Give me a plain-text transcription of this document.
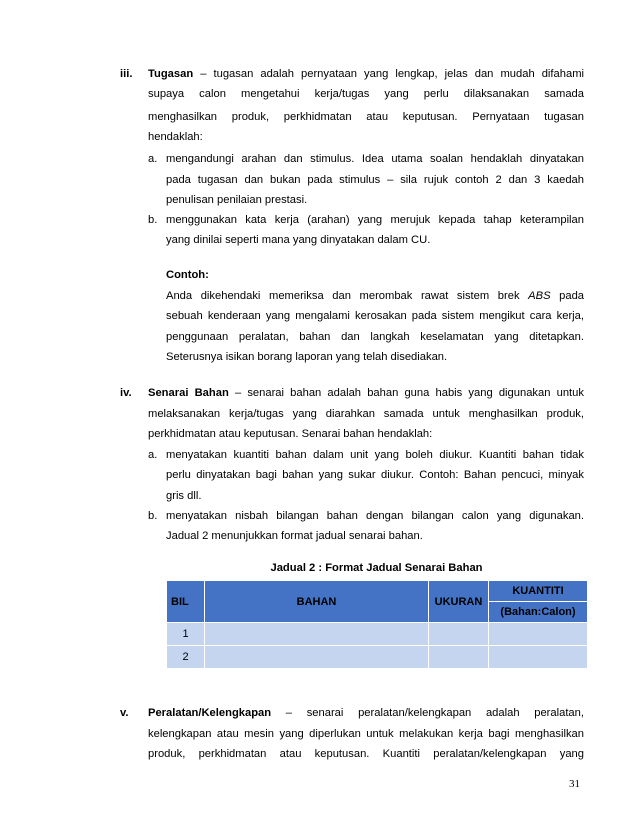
iii. Tugasan – tugasan adalah pernyataan yang lengkap, jelas dan mudah difahami
supaya calon mengetahui kerja/tugas yang perlu dilaksanakan samada
menghasilkan produk, perkhidmatan atau keputusan. Pernyataan tugasan
hendaklah:
a. mengandungi arahan dan stimulus. Idea utama soalan hendaklah dinyatakan
pada tugasan dan bukan pada stimulus – sila rujuk contoh 2 dan 3 kaedah
penulisan penilaian prestasi.
b. menggunakan kata kerja (arahan) yang merujuk kepada tahap keterampilan
yang dinilai seperti mana yang dinyatakan dalam CU.
Contoh:
Anda dikehendaki memeriksa dan merombak rawat sistem brek ABS pada
sebuah kenderaan yang mengalami kerosakan pada sistem mengikut cara kerja,
penggunaan peralatan, bahan dan langkah keselamatan yang ditetapkan.
Seterusnya isikan borang laporan yang telah disediakan.
iv. Senarai Bahan – senarai bahan adalah bahan guna habis yang digunakan untuk
melaksanakan kerja/tugas yang diarahkan samada untuk menghasilkan produk,
perkhidmatan atau keputusan. Senarai bahan hendaklah:
a. menyatakan kuantiti bahan dalam unit yang boleh diukur. Kuantiti bahan tidak
perlu dinyatakan bagi bahan yang sukar diukur. Contoh: Bahan pencuci, minyak
gris dll.
b. menyatakan nisbah bilangan bahan dengan bilangan calon yang digunakan.
Jadual 2 menunjukkan format jadual senarai bahan.
Jadual 2 : Format Jadual Senarai Bahan
BIL	BAHAN	UKURAN	KUANTITI
			(Bahan:Calon)
1			
2			
v. Peralatan/Kelengkapan – senarai peralatan/kelengkapan adalah peralatan,
kelengkapan atau mesin yang diperlukan untuk melakukan kerja bagi menghasilkan
produk, perkhidmatan atau keputusan. Kuantiti peralatan/kelengkapan yang
31
